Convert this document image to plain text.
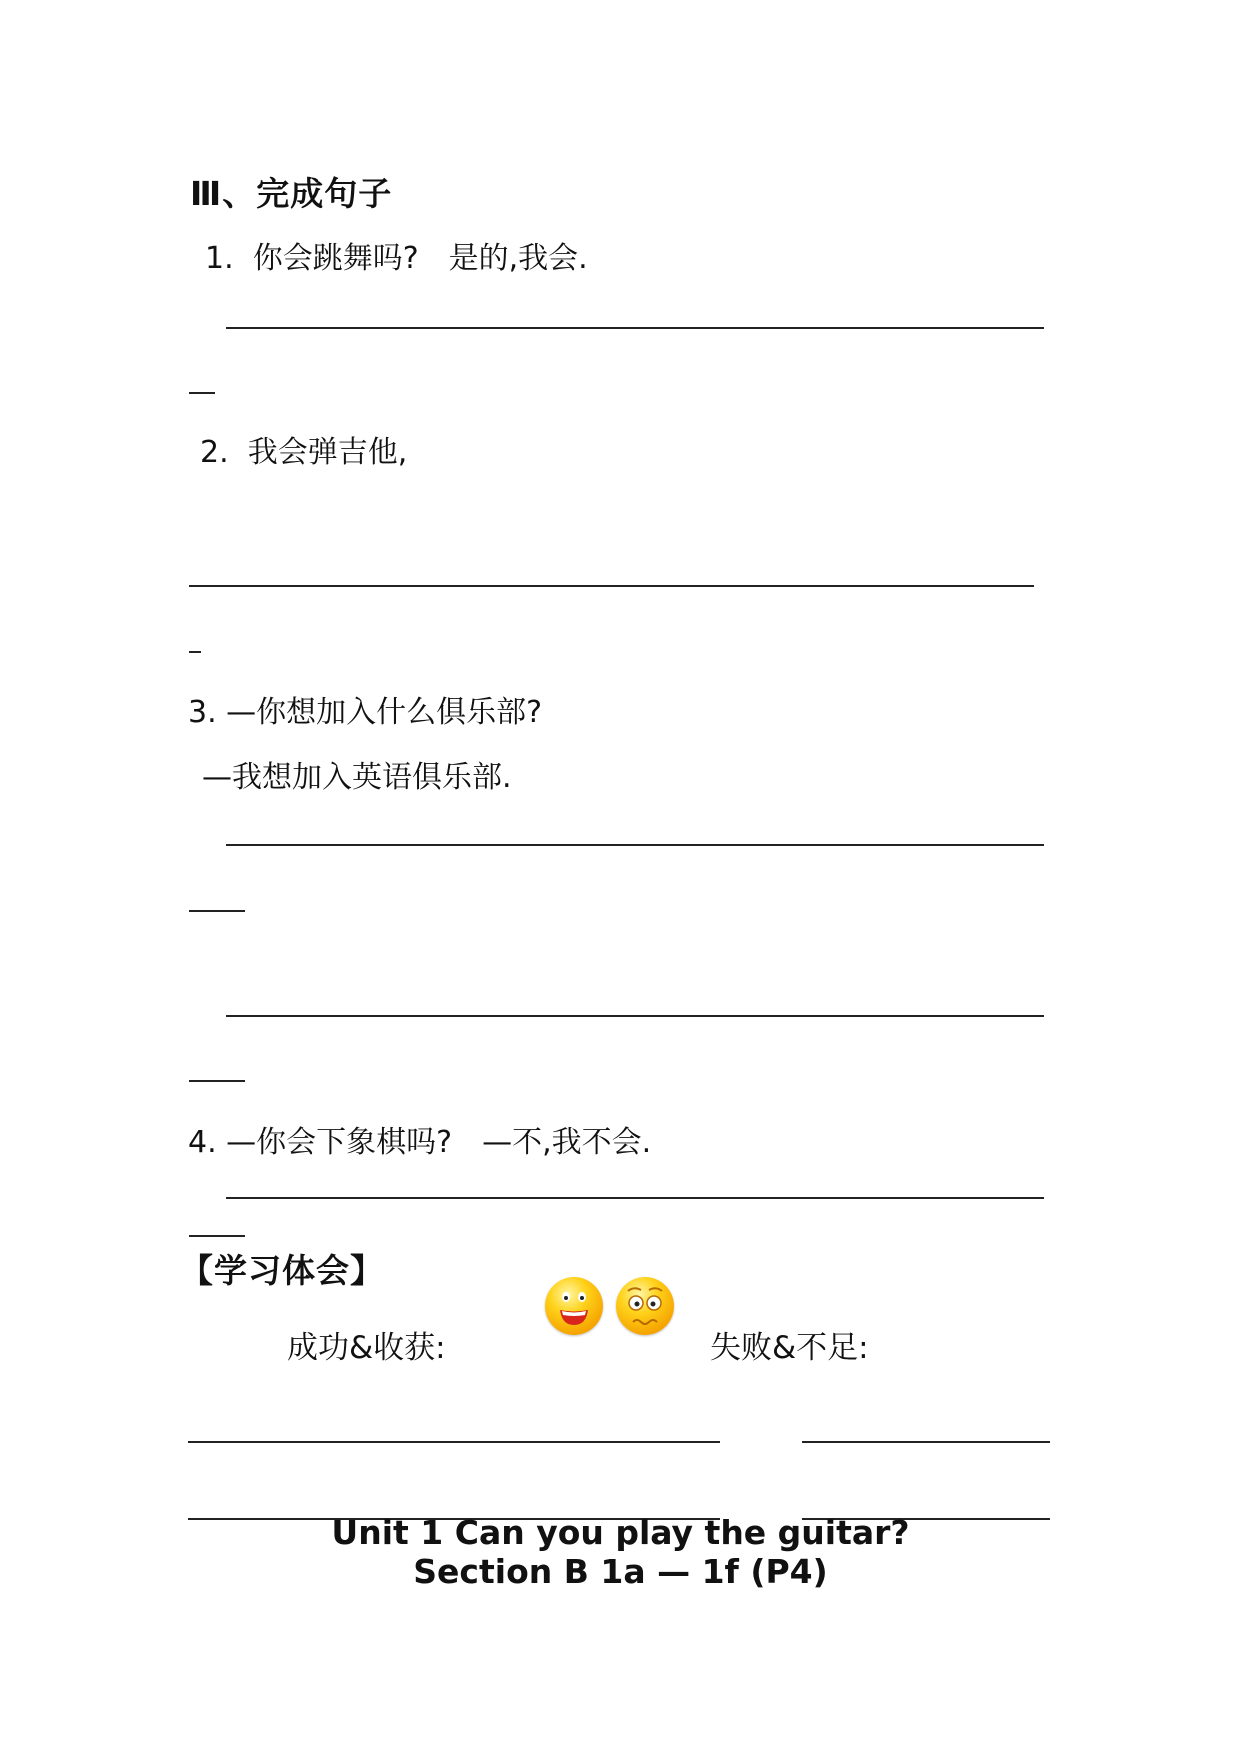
Ⅲ、完成句子
1. 你会跳舞吗?　是的,我会.
2. 我会弹吉他,
3. —你想加入什么俱乐部?
—我想加入英语俱乐部.
4. —你会下象棋吗?　—不,我不会.
【学习体会】
成功&收获:	失败&不足:
Unit 1 Can you play the guitar?
Section B 1a — 1f (P4)
